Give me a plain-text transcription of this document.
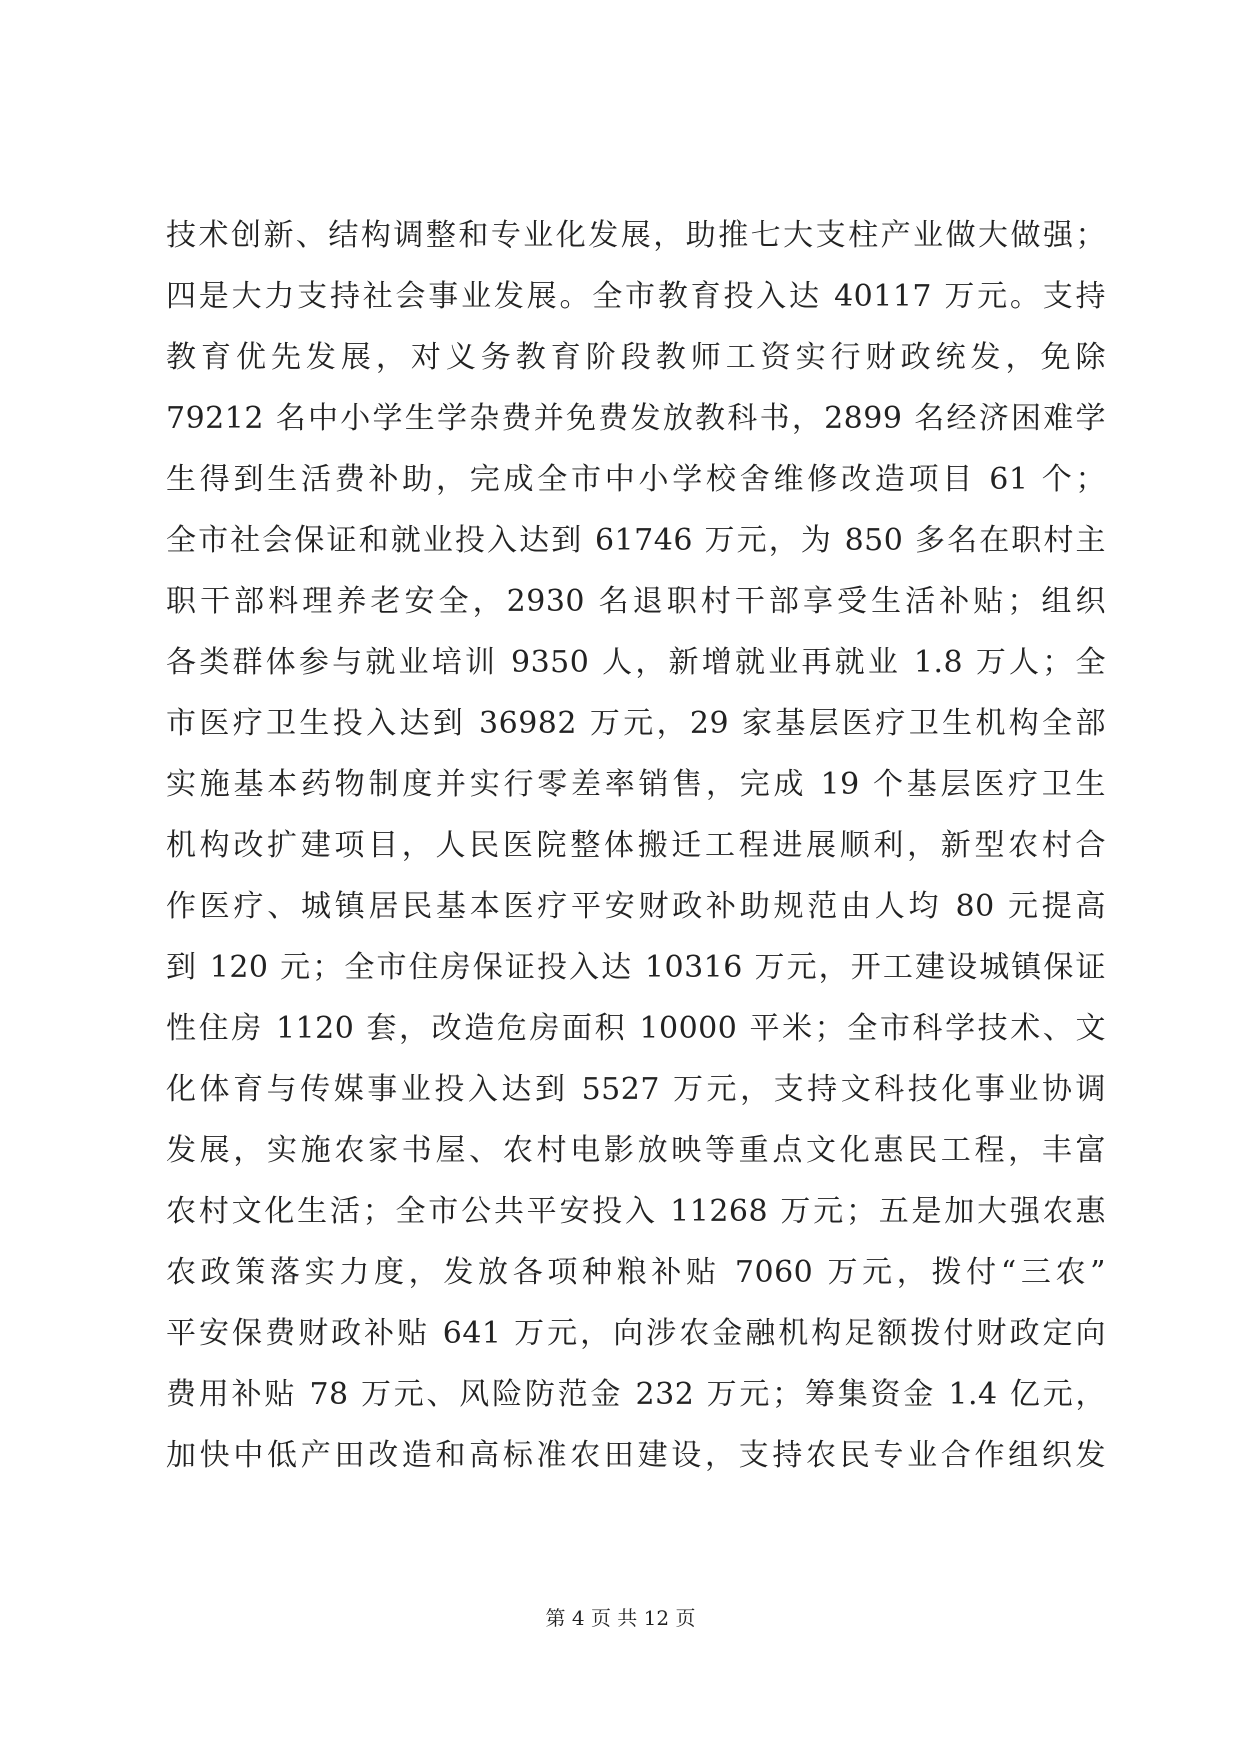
技术创新、结构调整和专业化发展，助推七大支柱产业做大做强；
四是大力支持社会事业发展。全市教育投入达 40117 万元。支持
教育优先发展，对义务教育阶段教师工资实行财政统发，免除
79212 名中小学生学杂费并免费发放教科书，2899 名经济困难学
生得到生活费补助，完成全市中小学校舍维修改造项目 61 个；
全市社会保证和就业投入达到 61746 万元，为 850 多名在职村主
职干部料理养老安全，2930 名退职村干部享受生活补贴；组织
各类群体参与就业培训 9350 人，新增就业再就业 1.8 万人；全
市医疗卫生投入达到 36982 万元，29 家基层医疗卫生机构全部
实施基本药物制度并实行零差率销售，完成 19 个基层医疗卫生
机构改扩建项目，人民医院整体搬迁工程进展顺利，新型农村合
作医疗、城镇居民基本医疗平安财政补助规范由人均 80 元提高
到 120 元；全市住房保证投入达 10316 万元，开工建设城镇保证
性住房 1120 套，改造危房面积 10000 平米；全市科学技术、文
化体育与传媒事业投入达到 5527 万元，支持文科技化事业协调
发展，实施农家书屋、农村电影放映等重点文化惠民工程，丰富
农村文化生活；全市公共平安投入 11268 万元；五是加大强农惠
农政策落实力度，发放各项种粮补贴 7060 万元，拨付“三农”
平安保费财政补贴 641 万元，向涉农金融机构足额拨付财政定向
费用补贴 78 万元、风险防范金 232 万元；筹集资金 1.4 亿元，
加快中低产田改造和高标准农田建设，支持农民专业合作组织发
第 4 页 共 12 页
